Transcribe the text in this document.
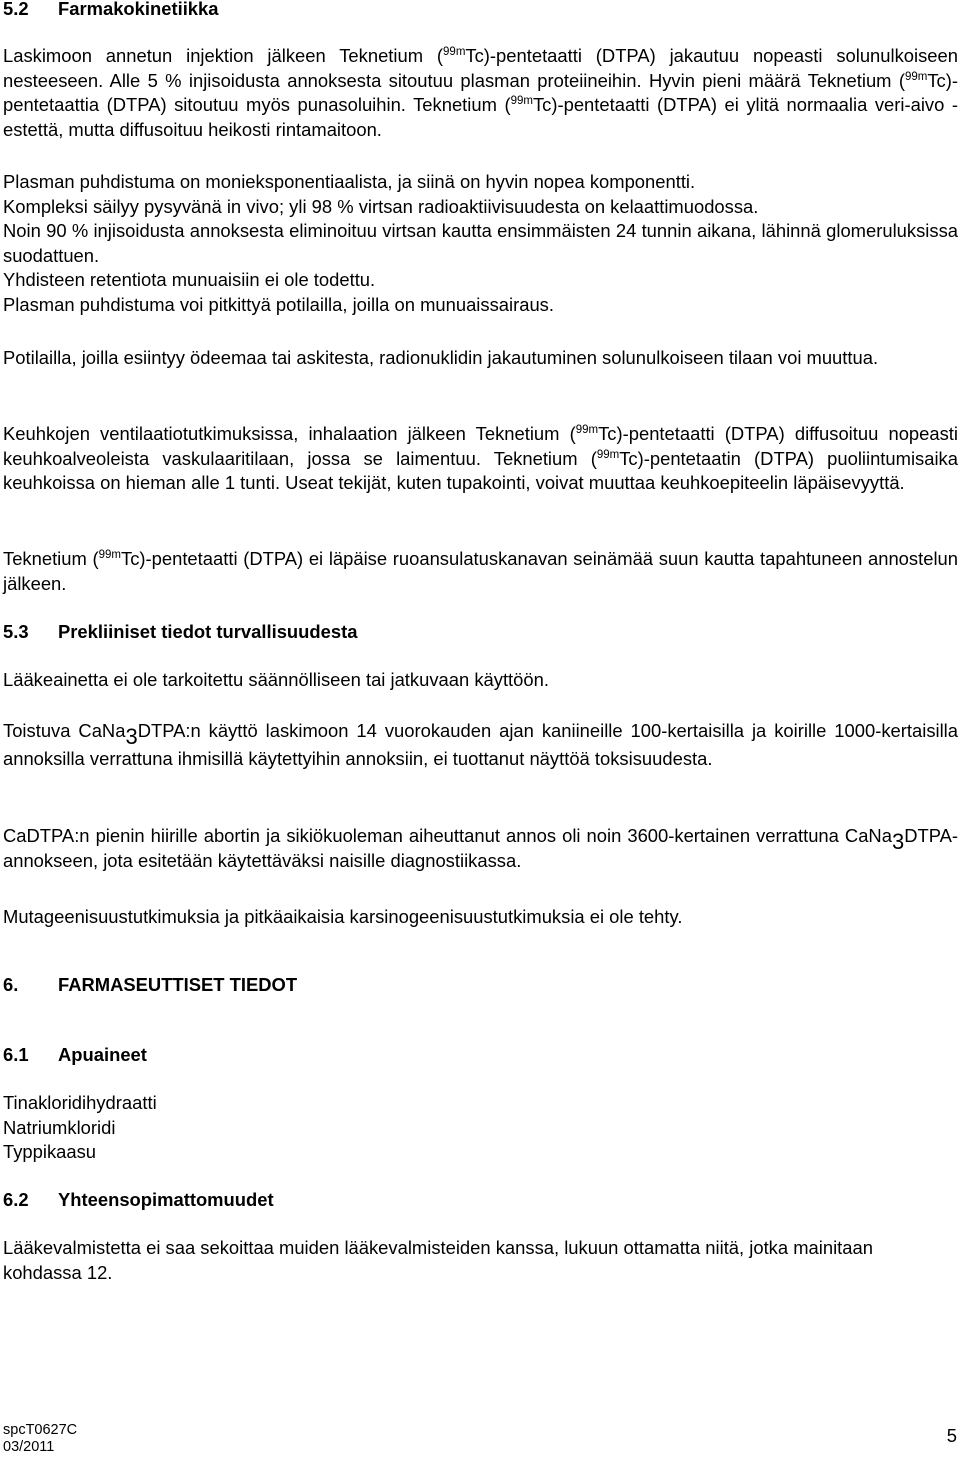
5.2 Farmakokinetiikka
Laskimoon annetun injektion jälkeen Teknetium ($^{99m}$Tc)-pentetaatti (DTPA) jakautuu nopeasti solunulkoiseen nesteeseen. Alle 5 % injisoidusta annoksesta sitoutuu plasman proteiineihin. Hyvin pieni määrä Teknetium ($^{99m}$Tc)-pentetaattia (DTPA) sitoutuu myös punasoluihin. Teknetium ($^{99m}$Tc)-pentetaatti (DTPA) ei ylitä normaalia veri-aivo -estettä, mutta diffusoituu heikosti rintamaitoon.
Plasman puhdistuma on monieksponentiaalista, ja siinä on hyvin nopea komponentti.
Kompleksi säilyy pysyvänä in vivo; yli 98 % virtsan radioaktiivisuudesta on kelaattimuodossa.
Noin 90 % injisoidusta annoksesta eliminoituu virtsan kautta ensimmäisten 24 tunnin aikana, lähinnä glomeruluksissa suodattuen.
Yhdisteen retentiota munuaisiin ei ole todettu.
Plasman puhdistuma voi pitkittyä potilailla, joilla on munuaissairaus.
Potilailla, joilla esiintyy ödeemaa tai askitesta, radionuklidin jakautuminen solunulkoiseen tilaan voi muuttua.
Keuhkojen ventilaatiotutkimuksissa, inhalaation jälkeen Teknetium ($^{99m}$Tc)-pentetaatti (DTPA) diffusoituu nopeasti keuhkoalveoleista vaskulaaritilaan, jossa se laimentuu. Teknetium ($^{99m}$Tc)-pentetaatin (DTPA) puoliintumisaika keuhkoissa on hieman alle 1 tunti. Useat tekijät, kuten tupakointi, voivat muuttaa keuhkoepiteelin läpäisevyyttä.
Teknetium ($^{99m}$Tc)-pentetaatti (DTPA) ei läpäise ruoansulatuskanavan seinämää suun kautta tapahtuneen annostelun jälkeen.
5.3 Prekliiniset tiedot turvallisuudesta
Lääkeainetta ei ole tarkoitettu säännölliseen tai jatkuvaan käyttöön.
Toistuva CaNa$_3$DTPA:n käyttö laskimoon 14 vuorokauden ajan kaniineille 100-kertaisilla ja koirille 1000-kertaisilla annoksilla verrattuna ihmisillä käytettyihin annoksiin, ei tuottanut näyttöä toksisuudesta.
CaDTPA:n pienin hiirille abortin ja sikiökuoleman aiheuttanut annos oli noin 3600-kertainen verrattuna CaNa$_3$DTPA-annokseen, jota esitetään käytettäväksi naisille diagnostiikassa.
Mutageenisuustutkimuksia ja pitkäaikaisia karsinogeenisuustutkimuksia ei ole tehty.
6. FARMASEUTTISET TIEDOT
6.1 Apuaineet
Tinakloridihydraatti
Natriumkloridi
Typpikaasu
6.2 Yhteensopimattomuudet
Lääkevalmistetta ei saa sekoittaa muiden lääkevalmisteiden kanssa, lukuun ottamatta niitä, jotka mainitaan kohdassa 12.
spcT0627C
03/2011
5
